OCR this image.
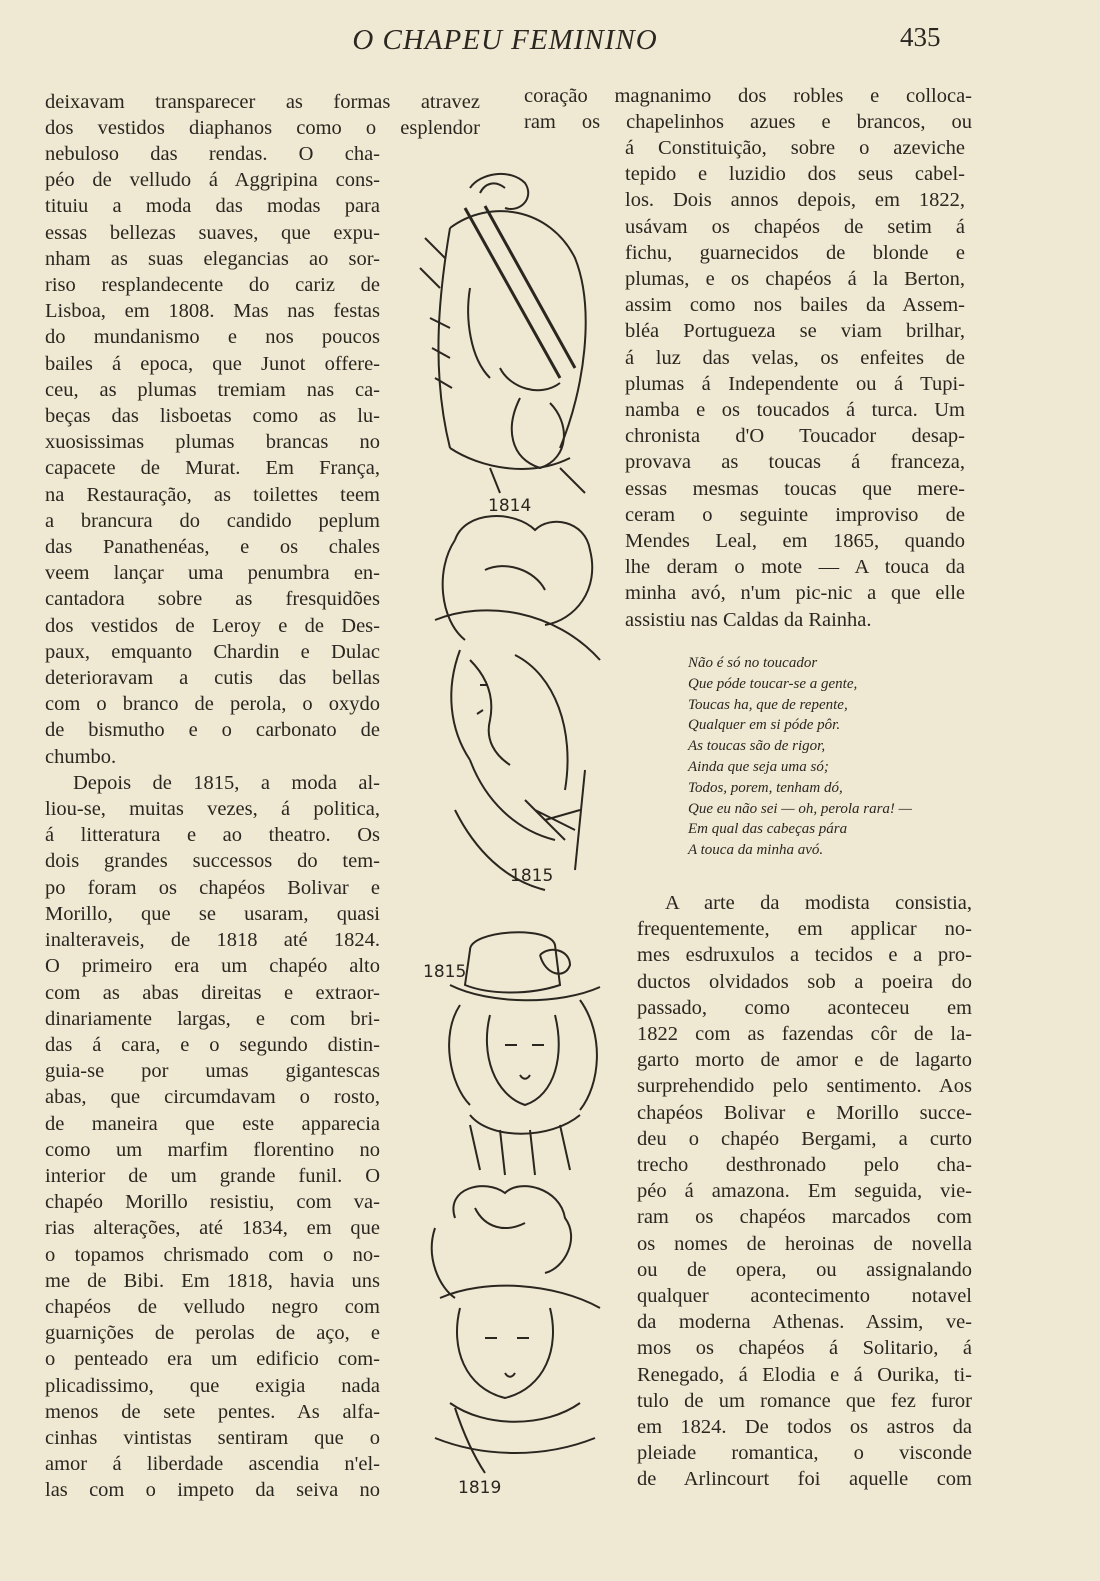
O CHAPEU FEMININO	435

deixavam transparecer as formas atravez

dos vestidos diaphanos como o esplendor

nebuloso das rendas. O cha-

péo de velludo á Aggripina cons-

tituiu a moda das modas para

essas bellezas suaves, que expu-

nham as suas elegancias ao sor-

riso resplandecente do cariz de

Lisboa, em 1808. Mas nas festas

do mundanismo e nos poucos

bailes á epoca, que Junot offere-

ceu, as plumas tremiam nas ca-

beças das lisboetas como as lu-

xuosissimas plumas brancas no

capacete de Murat. Em França,

na Restauração, as toilettes teem

a brancura do candido peplum

das Panathenéas, e os chales

veem lançar uma penumbra en-

cantadora sobre as fresquidões

dos vestidos de Leroy e de Des-

paux, emquanto Chardin e Dulac

deterioravam a cutis das bellas

com o branco de perola, o oxydo

de bismutho e o carbonato de

chumbo.

Depois de 1815, a moda al-

liou-se, muitas vezes, á politica,

á litteratura e ao theatro. Os

dois grandes successos do tem-

po foram os chapéos Bolivar e

Morillo, que se usaram, quasi

inalteraveis, de 1818 até 1824.

O primeiro era um chapéo alto

com as abas direitas e extraor-

dinariamente largas, e com bri-

das á cara, e o segundo distin-

guia-se por umas gigantescas

abas, que circumdavam o rosto,

de maneira que este apparecia

como um marfim florentino no

interior de um grande funil. O

chapéo Morillo resistiu, com va-

rias alterações, até 1834, em que

o topamos chrismado com o no-

me de Bibi. Em 1818, havia uns

chapéos de velludo negro com

guarnições de perolas de aço, e

o penteado era um edificio com-

plicadissimo, que exigia nada

menos de sete pentes. As alfa-

cinhas vintistas sentiram que o

amor á liberdade ascendia n'el-

las com o impeto da seiva no

coração magnanimo dos robles e colloca-

ram os chapelinhos azues e brancos, ou

á Constituição, sobre o azeviche

tepido e luzidio dos seus cabel-

los. Dois annos depois, em 1822,

usávam os chapéos de setim á

fichu, guarnecidos de blonde e

plumas, e os chapéos á la Berton,

assim como nos bailes da Assem-

bléa Portugueza se viam brilhar,

á luz das velas, os enfeites de

plumas á Independente ou á Tupi-

namba e os toucados á turca. Um

chronista d'O Toucador desap-

provava as toucas á franceza,

essas mesmas toucas que mere-

ceram o seguinte improviso de

Mendes Leal, em 1865, quando

lhe deram o mote — A touca da

minha avó, n'um pic-nic a que elle

assistiu nas Caldas da Rainha.

Não é só no toucador
Que póde toucar-se a gente,
Toucas ha, que de repente,
Qualquer em si póde pôr.
As toucas são de rigor,
Ainda que seja uma só;
Todos, porem, tenham dó,
Que eu não sei — oh, perola rara! —
Em qual das cabeças pára
A touca da minha avó.

A arte da modista consistia,

frequentemente, em applicar no-

mes esdruxulos a tecidos e a pro-

ductos olvidados sob a poeira do

passado, como aconteceu em

1822 com as fazendas côr de la-

garto morto de amor e de lagarto

surprehendido pelo sentimento. Aos

chapéos Bolivar e Morillo succe-

deu o chapéo Bergami, a curto

trecho desthronado pelo cha-

péo á amazona. Em seguida, vie-

ram os chapéos marcados com

os nomes de heroinas de novella

ou de opera, ou assignalando

qualquer acontecimento notavel

da moderna Athenas. Assim, ve-

mos os chapéos á Solitario, á

Renegado, á Elodia e á Ourika, ti-

tulo de um romance que fez furor

em 1824. De todos os astros da

pleiade romantica, o visconde

de Arlincourt foi aquelle com

1814
1815
1815
1819
